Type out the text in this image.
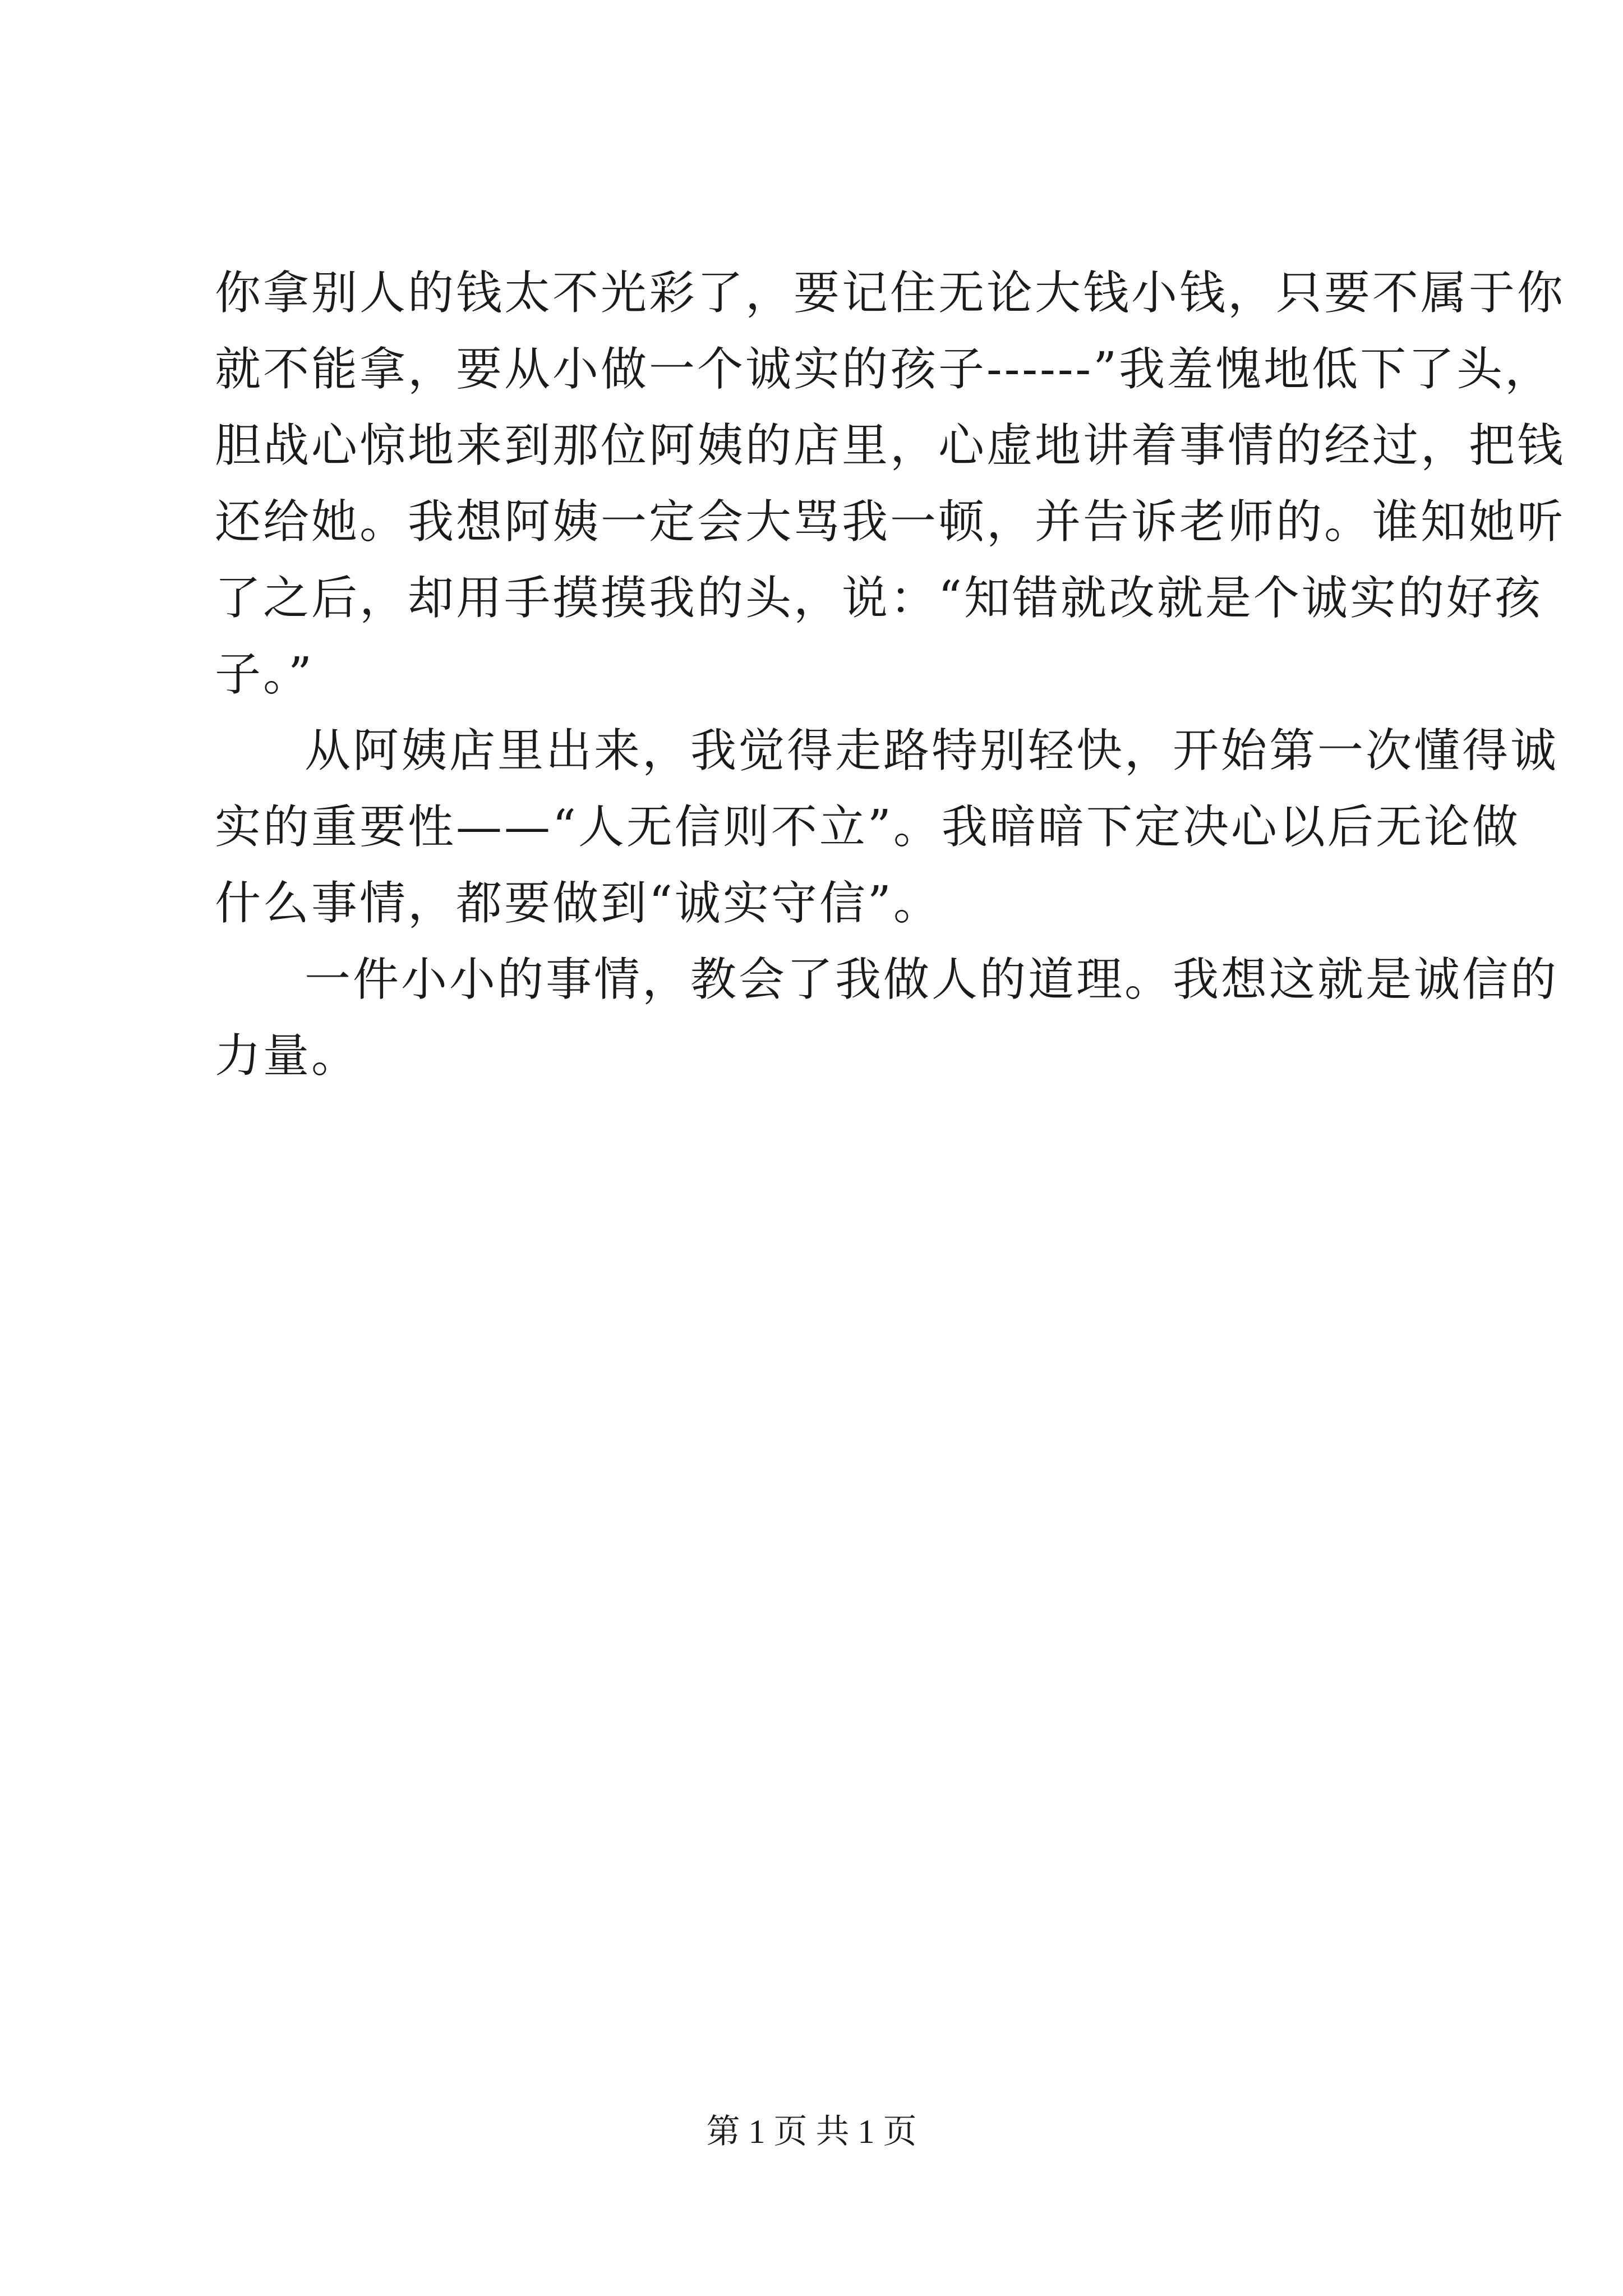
你拿别人的钱太不光彩了，要记住无论大钱小钱，只要不属于你
就不能拿，要从小做一个诚实的孩子------”我羞愧地低下了头，
胆战心惊地来到那位阿姨的店里，心虚地讲着事情的经过，把钱
还给她。我想阿姨一定会大骂我一顿，并告诉老师的。谁知她听
了之后，却用手摸摸我的头，说：“知错就改就是个诚实的好孩
子。”
从阿姨店里出来，我觉得走路特别轻快，开始第一次懂得诚
实的重要性——“人无信则不立”。我暗暗下定决心以后无论做
什么事情，都要做到“诚实守信”。
一件小小的事情，教会了我做人的道理。我想这就是诚信的
力量。
第 1 页 共 1 页
